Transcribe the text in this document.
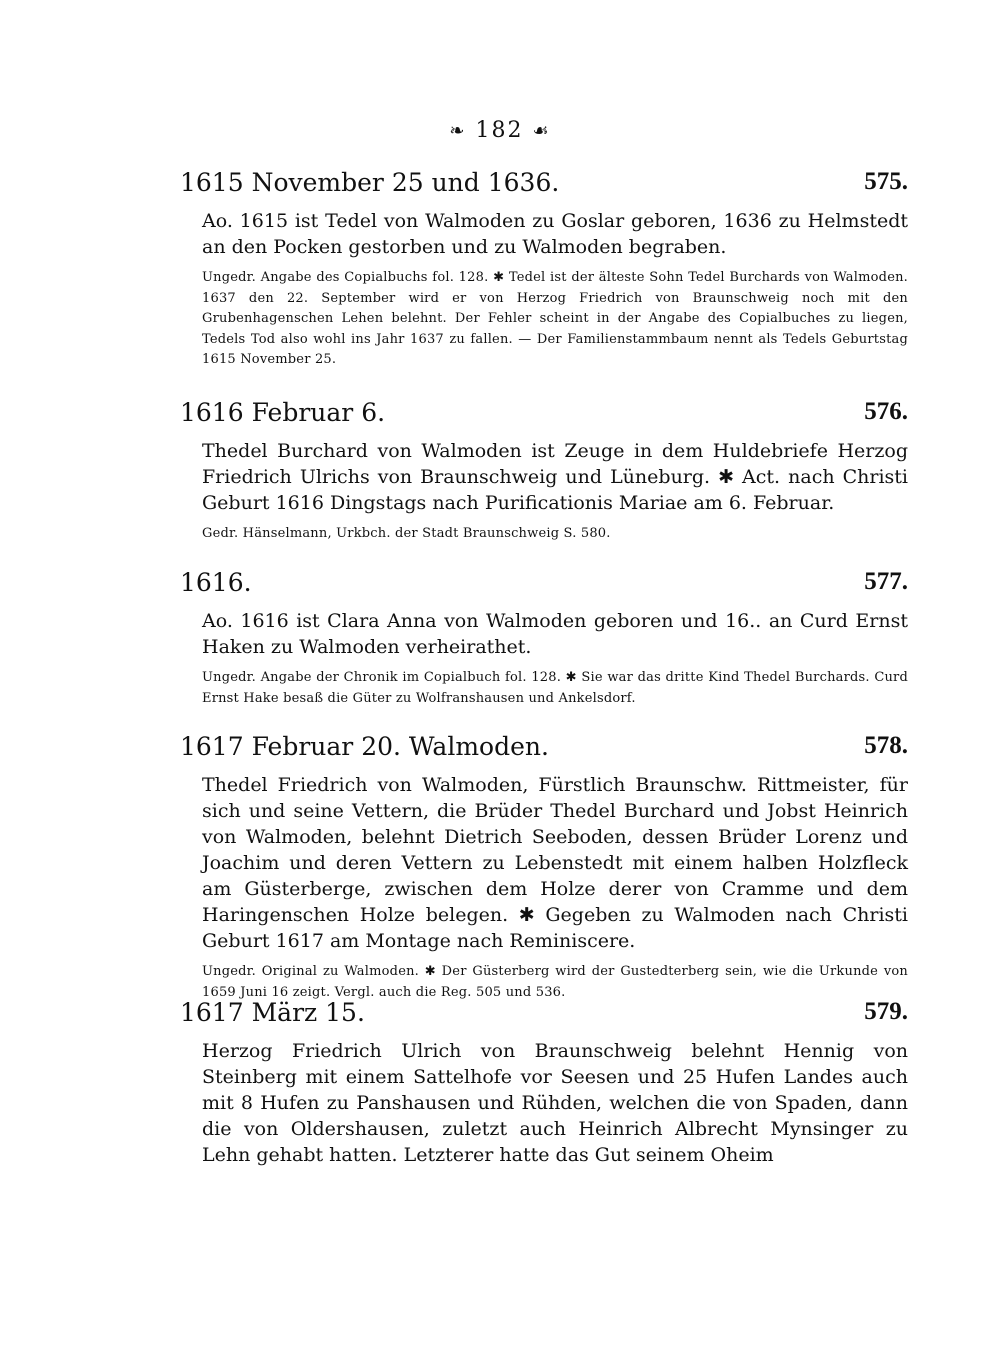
❧ 182 ☙
1615 November 25 und 1636.	575.
Ao. 1615 ist Tedel von Walmoden zu Goslar geboren, 1636 zu Helmstedt an den Pocken gestorben und zu Walmoden begraben.
Ungedr. Angabe des Copialbuchs fol. 128. ✱ Tedel ist der älteste Sohn Tedel Burchards von Walmoden. 1637 den 22. September wird er von Herzog Friedrich von Braunschweig noch mit den Grubenhagenschen Lehen belehnt. Der Fehler scheint in der Angabe des Copialbuches zu liegen, Tedels Tod also wohl ins Jahr 1637 zu fallen. — Der Familienstammbaum nennt als Tedels Geburtstag 1615 November 25.
1616 Februar 6.	576.
Thedel Burchard von Walmoden ist Zeuge in dem Huldebriefe Herzog Friedrich Ulrichs von Braunschweig und Lüneburg. ✱ Act. nach Christi Geburt 1616 Dingstags nach Purificationis Mariae am 6. Februar.
Gedr. Hänselmann, Urkbch. der Stadt Braunschweig S. 580.
1616.	577.
Ao. 1616 ist Clara Anna von Walmoden geboren und 16.. an Curd Ernst Haken zu Walmoden verheirathet.
Ungedr. Angabe der Chronik im Copialbuch fol. 128. ✱ Sie war das dritte Kind Thedel Burchards. Curd Ernst Hake besaß die Güter zu Wolfranshausen und Ankelsdorf.
1617 Februar 20. Walmoden.	578.
Thedel Friedrich von Walmoden, Fürstlich Braunschw. Rittmeister, für sich und seine Vettern, die Brüder Thedel Burchard und Jobst Heinrich von Walmoden, belehnt Dietrich Seeboden, dessen Brüder Lorenz und Joachim und deren Vettern zu Lebenstedt mit einem halben Holzfleck am Güsterberge, zwischen dem Holze derer von Cramme und dem Haringenschen Holze belegen. ✱ Gegeben zu Walmoden nach Christi Geburt 1617 am Montage nach Reminiscere.
Ungedr. Original zu Walmoden. ✱ Der Güsterberg wird der Gustedterberg sein, wie die Urkunde von 1659 Juni 16 zeigt. Vergl. auch die Reg. 505 und 536.
1617 März 15.	579.
Herzog Friedrich Ulrich von Braunschweig belehnt Hennig von Steinberg mit einem Sattelhofe vor Seesen und 25 Hufen Landes auch mit 8 Hufen zu Panshausen und Rühden, welchen die von Spaden, dann die von Oldershausen, zuletzt auch Heinrich Albrecht Mynsinger zu Lehn gehabt hatten. Letzterer hatte das Gut seinem Oheim
